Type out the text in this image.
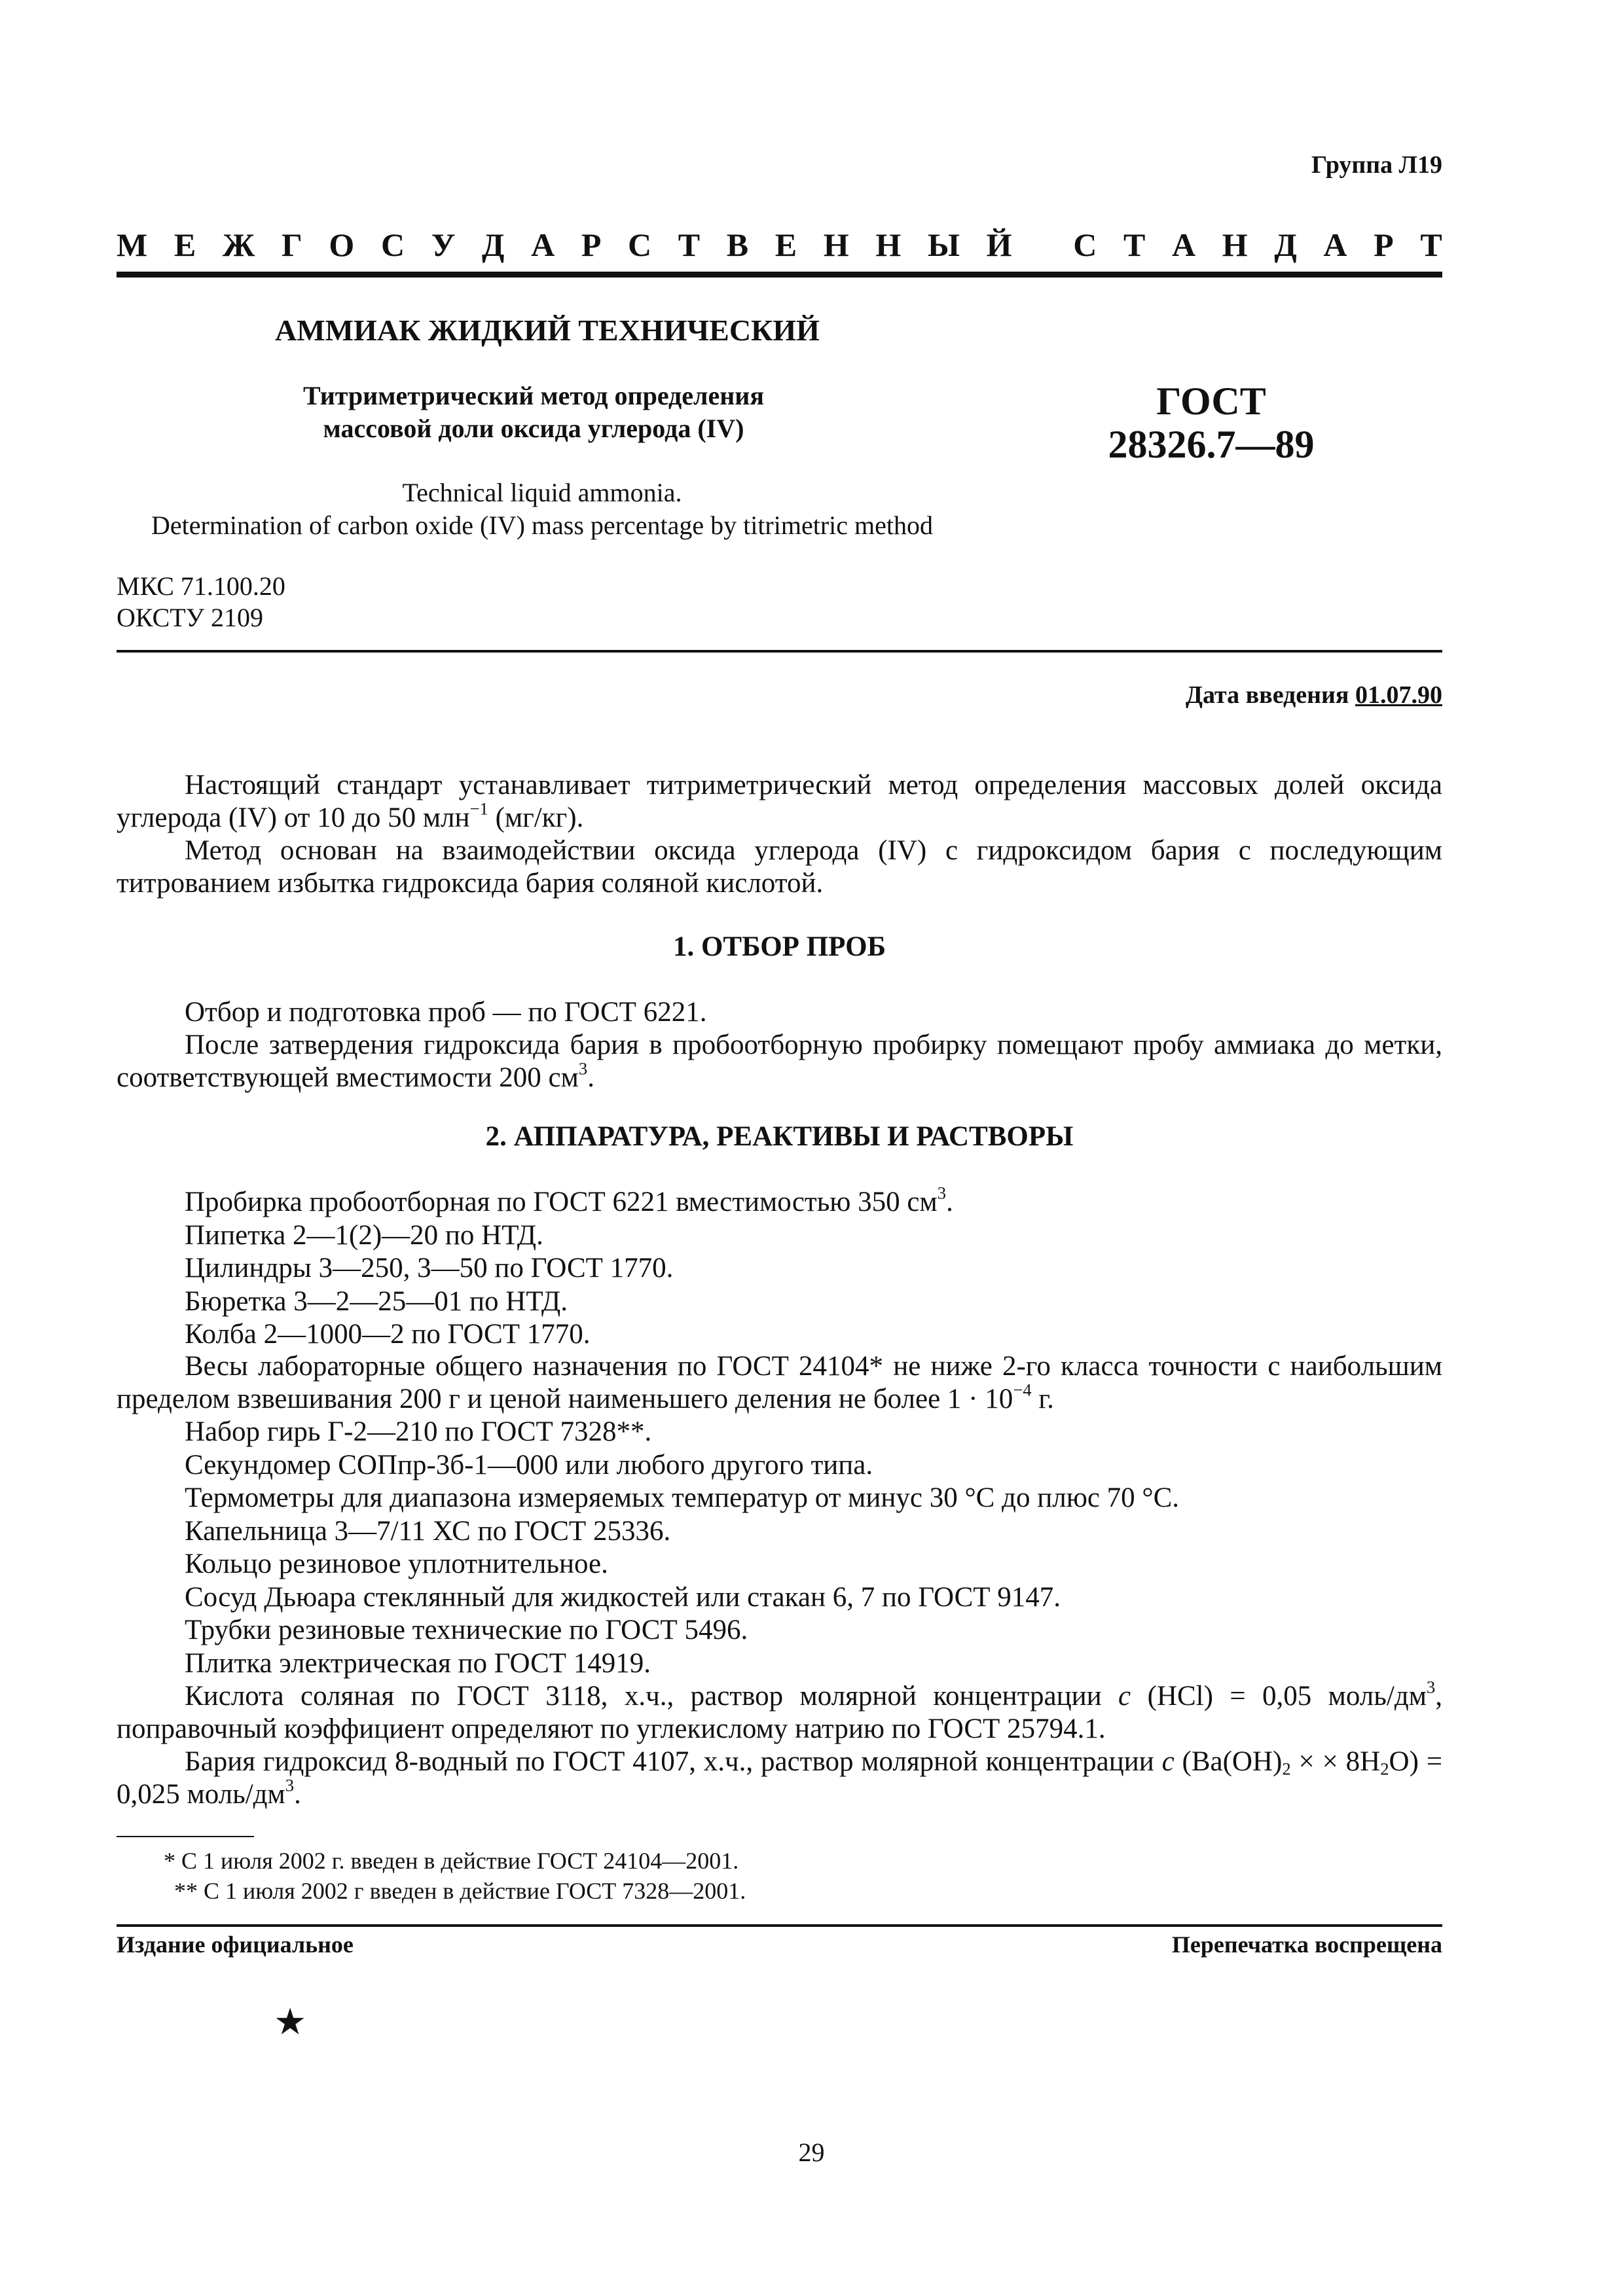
Группа Л19
М Е Ж Г О С У Д А Р С Т В Е Н Н Ы Й
С Т А Н Д А Р Т
АММИАК ЖИДКИЙ ТЕХНИЧЕСКИЙ
Титриметрический метод определения
массовой доли оксида углерода (IV)
ГОСТ
28326.7—89
Technical liquid ammonia.
Determination of carbon oxide (IV) mass percentage by titrimetric method
МКС 71.100.20
ОКСТУ 2109
Дата введения 01.07.90

Настоящий стандарт устанавливает титриметрический метод определения массовых долей оксида углерода (IV) от 10 до 50 млн$^{-1}$ (мг/кг).

Метод основан на взаимодействии оксида углерода (IV) с гидроксидом бария с последующим титрованием избытка гидроксида бария соляной кислотой.

1. ОТБОР ПРОБ

Отбор и подготовка проб — по ГОСТ 6221.

После затвердения гидроксида бария в пробоотборную пробирку помещают пробу аммиака до метки, соответствующей вместимости 200 $см^3$.

2. АППАРАТУРА, РЕАКТИВЫ И РАСТВОРЫ
Пробирка пробоотборная по ГОСТ 6221 вместимостью 350 $см^3$.
Пипетка 2—1(2)—20 по НТД.
Цилиндры 3—250, 3—50 по ГОСТ 1770.
Бюретка 3—2—25—01 по НТД.
Колба 2—1000—2 по ГОСТ 1770.

Весы лабораторные общего назначения по ГОСТ 24104* не ниже 2-го класса точности с наибольшим пределом взвешивания 200 г и ценой наименьшего деления не более $1 \cdot 10^{-4}$ г.

Набор гирь Г-2—210 по ГОСТ 7328**.
Секундомер СОПпр-3б-1—000 или любого другого типа.
Термометры для диапазона измеряемых температур от минус 30 °С до плюс 70 °С.
Капельница 3—7/11 ХС по ГОСТ 25336.
Кольцо резиновое уплотнительное.
Сосуд Дьюара стеклянный для жидкостей или стакан 6, 7 по ГОСТ 9147.
Трубки резиновые технические по ГОСТ 5496.
Плитка электрическая по ГОСТ 14919.

Кислота соляная по ГОСТ 3118, х.ч., раствор молярной концентрации c (HCl) = 0,05 моль/$дм^3$, поправочный коэффициент определяют по углекислому натрию по ГОСТ 25794.1.

Бария гидроксид 8-водный по ГОСТ 4107, х.ч., раствор молярной концентрации c ($Ba(OH)_2$ × × $8H_2O) = 0,025$ моль/$дм^3$.

* С 1 июля 2002 г. введен в действие ГОСТ 24104—2001.
** С 1 июля 2002 г введен в действие ГОСТ 7328—2001.
Издание официальное	Перепечатка воспрещена
★
29
